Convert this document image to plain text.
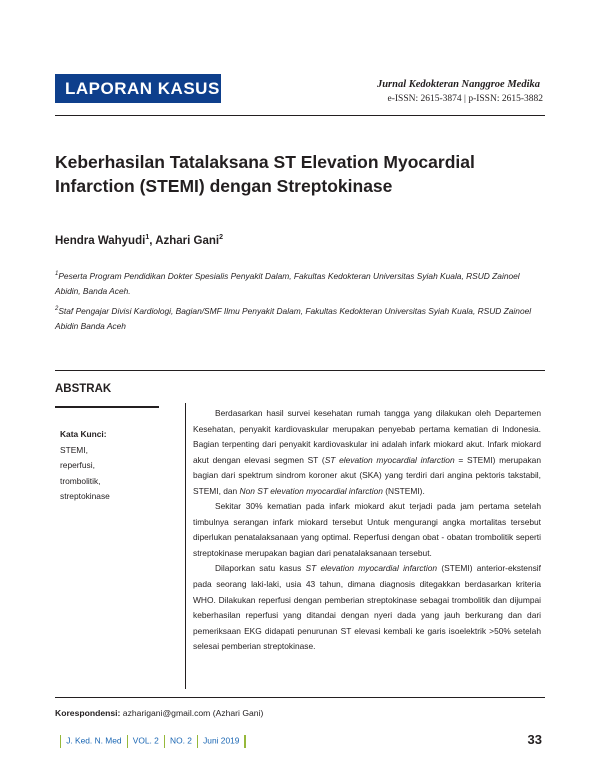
LAPORAN KASUS	Jurnal Kedokteran Nanggroe Medika
e-ISSN: 2615-3874 | p-ISSN: 2615-3882
Keberhasilan Tatalaksana ST Elevation Myocardial
Infarction (STEMI) dengan Streptokinase
Hendra Wahyudi$^1$, Azhari Gani$^2$
$^1$Peserta Program Pendidikan Dokter Spesialis Penyakit Dalam, Fakultas Kedokteran Universitas Syiah Kuala, RSUD Zainoel Abidin, Banda Aceh.
$^2$Staf Pengajar Divisi Kardiologi, Bagian/SMF Ilmu Penyakit Dalam, Fakultas Kedokteran Universitas Syiah Kuala, RSUD Zainoel Abidin Banda Aceh
ABSTRAK
Kata Kunci:
STEMI,
reperfusi,
trombolitik,
streptokinase

Berdasarkan hasil survei kesehatan rumah tangga yang dilakukan oleh Departemen Kesehatan, penyakit kardiovaskular merupakan penyebab pertama kematian di Indonesia. Bagian terpenting dari penyakit kardiovaskular ini adalah infark miokard akut. Infark miokard akut dengan elevasi segmen ST (ST elevation myocardial infarction = STEMI) merupakan bagian dari spektrum sindrom koroner akut (SKA) yang terdiri dari angina pektoris takstabil, STEMI, dan Non ST elevation myocardial infarction (NSTEMI).

Sekitar 30% kematian pada infark miokard akut terjadi pada jam pertama setelah timbulnya serangan infark miokard tersebut Untuk mengurangi angka mortalitas tersebut diperlukan penatalaksanaan yang optimal. Reperfusi dengan obat - obatan trombolitik seperti streptokinase merupakan bagian dari penatalaksanaan tersebut.

Dilaporkan satu kasus ST elevation myocardial infarction (STEMI) anterior-ekstensif pada seorang laki-laki, usia 43 tahun, dimana diagnosis ditegakkan berdasarkan kriteria WHO. Dilakukan reperfusi dengan pemberian streptokinase sebagai trombolitik dan dijumpai keberhasilan reperfusi yang ditandai dengan nyeri dada yang jauh berkurang dan dari pemeriksaan EKG didapati penurunan ST elevasi kembali ke garis isoelektrik >50% setelah selesai pemberian streptokinase.

Korespondensi: azharigani@gmail.com (Azhari Gani)
J. Ked. N. Med VOL. 2 NO. 2 Juni 2019	33
